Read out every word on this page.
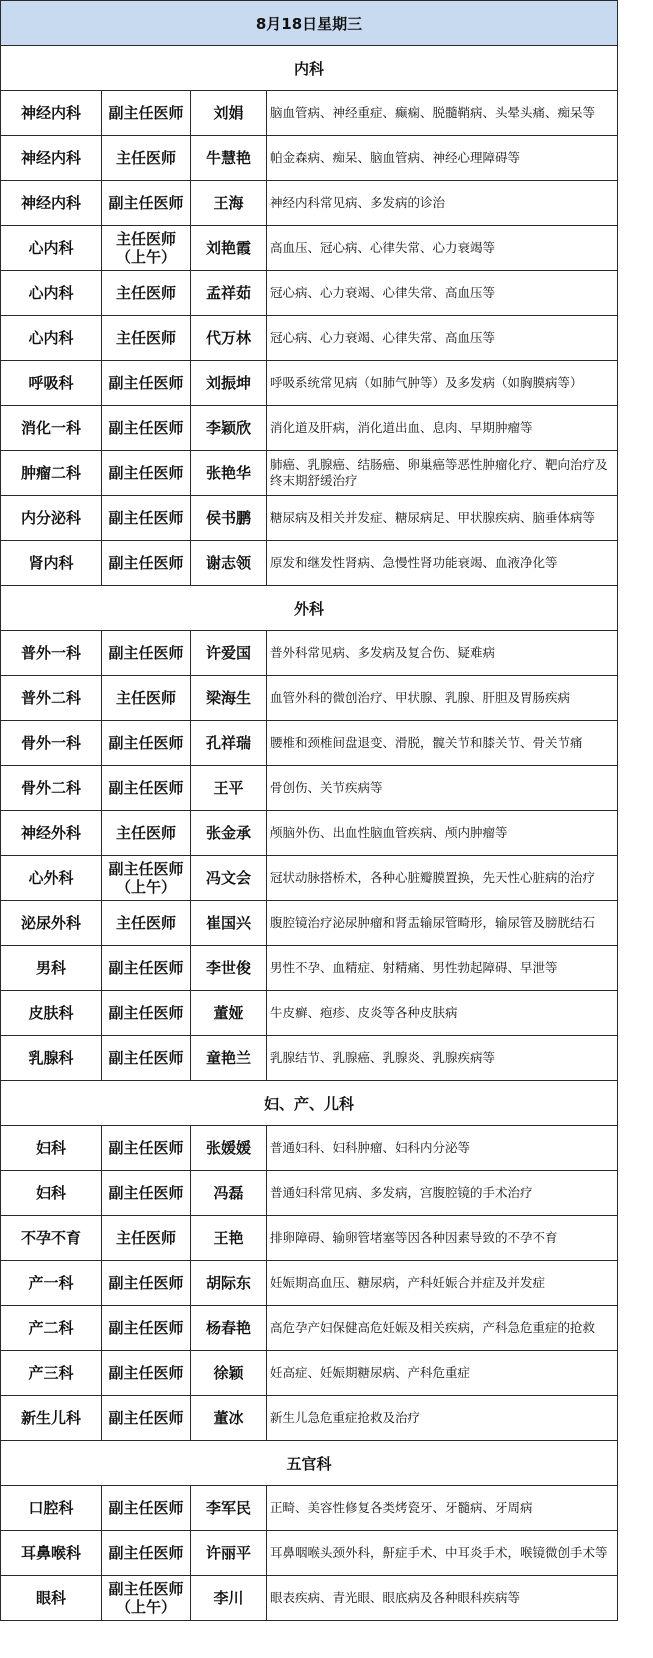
8月18日星期三			
内科			
神经内科	副主任医师	刘娟	脑血管病、神经重症、癫痫、脱髓鞘病、头晕头痛、痴呆等

神经内科	主任医师	牛慧艳	帕金森病、痴呆、脑血管病、神经心理障碍等

神经内科	副主任医师	王海	神经内科常见病、多发病的诊治

心内科	主任医师（上午）	刘艳霞	高血压、冠心病、心律失常、心力衰竭等

心内科	主任医师	孟祥茹	冠心病、心力衰竭、心律失常、高血压等

心内科	主任医师	代万林	冠心病、心力衰竭、心律失常、高血压等

呼吸科	副主任医师	刘振坤	呼吸系统常见病（如肺气肿等）及多发病（如胸膜病等）

消化一科	副主任医师	李颖欣	消化道及肝病，消化道出血、息肉、早期肿瘤等

肿瘤二科	副主任医师	张艳华	肺癌、乳腺癌、结肠癌、卵巢癌等恶性肿瘤化疗、靶向治疗及终末期舒缓治疗

内分泌科	副主任医师	侯书鹏	糖尿病及相关并发症、糖尿病足、甲状腺疾病、脑垂体病等

肾内科	副主任医师	谢志领	原发和继发性肾病、急慢性肾功能衰竭、血液净化等

外科			
普外一科	副主任医师	许爱国	普外科常见病、多发病及复合伤、疑难病

普外二科	主任医师	梁海生	血管外科的微创治疗、甲状腺、乳腺、肝胆及胃肠疾病

骨外一科	副主任医师	孔祥瑞	腰椎和颈椎间盘退变、滑脱，髋关节和膝关节、骨关节痛

骨外二科	副主任医师	王平	骨创伤、关节疾病等

神经外科	主任医师	张金承	颅脑外伤、出血性脑血管疾病、颅内肿瘤等

心外科	副主任医师（上午）	冯文会	冠状动脉搭桥术，各种心脏瓣膜置换，先天性心脏病的治疗

泌尿外科	主任医师	崔国兴	腹腔镜治疗泌尿肿瘤和肾盂输尿管畸形，输尿管及膀胱结石

男科	副主任医师	李世俊	男性不孕、血精症、射精痛、男性勃起障碍、早泄等

皮肤科	副主任医师	董娅	牛皮癣、疱疹、皮炎等各种皮肤病

乳腺科	副主任医师	童艳兰	乳腺结节、乳腺癌、乳腺炎、乳腺疾病等

妇、产、儿科			
妇科	副主任医师	张媛媛	普通妇科、妇科肿瘤、妇科内分泌等

妇科	副主任医师	冯磊	普通妇科常见病、多发病，宫腹腔镜的手术治疗

不孕不育	主任医师	王艳	排卵障碍、输卵管堵塞等因各种因素导致的不孕不育

产一科	副主任医师	胡际东	妊娠期高血压、糖尿病，产科妊娠合并症及并发症

产二科	副主任医师	杨春艳	高危孕产妇保健高危妊娠及相关疾病，产科急危重症的抢救

产三科	副主任医师	徐颖	妊高症、妊娠期糖尿病、产科危重症

新生儿科	副主任医师	董冰	新生儿急危重症抢救及治疗

五官科			
口腔科	副主任医师	李军民	正畸、美容性修复各类烤瓷牙、牙髓病、牙周病

耳鼻喉科	副主任医师	许丽平	耳鼻咽喉头颈外科，鼾症手术、中耳炎手术，喉镜微创手术等

眼科	副主任医师（上午）	李川	眼表疾病、青光眼、眼底病及各种眼科疾病等
